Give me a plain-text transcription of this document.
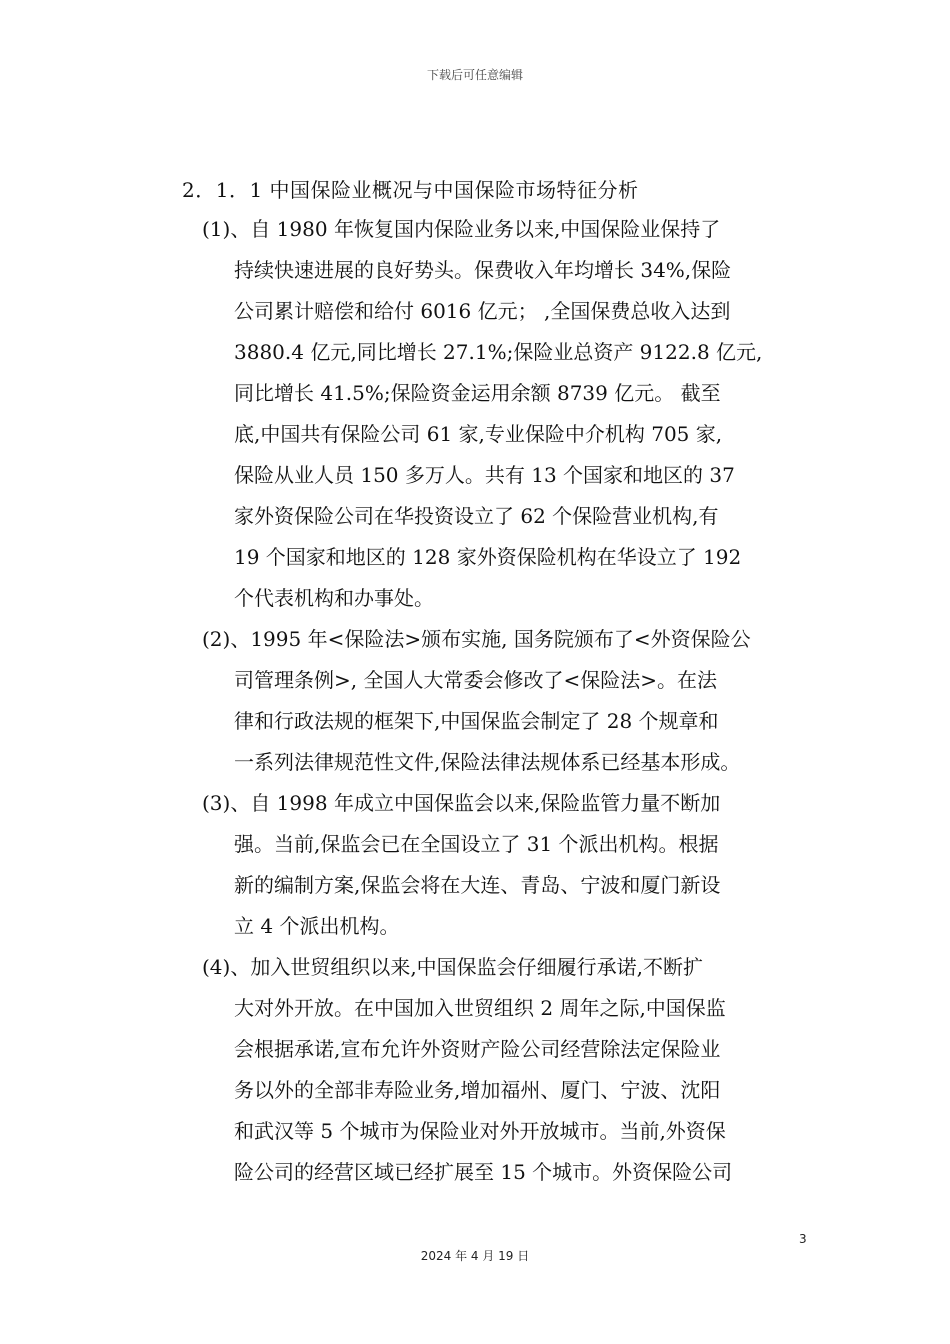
下载后可任意编辑
2．1．1 中国保险业概况与中国保险市场特征分析
(1)、自 1980 年恢复国内保险业务以来,中国保险业保持了
持续快速进展的良好势头。保费收入年均增长 34%,保险
公司累计赔偿和给付 6016 亿元； ,全国保费总收入达到
3880.4 亿元,同比增长 27.1%;保险业总资产 9122.8 亿元,
同比增长 41.5%;保险资金运用余额 8739 亿元。 截至
底,中国共有保险公司 61 家,专业保险中介机构 705 家,
保险从业人员 150 多万人。共有 13 个国家和地区的 37
家外资保险公司在华投资设立了 62 个保险营业机构,有
19 个国家和地区的 128 家外资保险机构在华设立了 192
个代表机构和办事处。
(2)、1995 年<保险法>颁布实施, 国务院颁布了<外资保险公
司管理条例>, 全国人大常委会修改了<保险法>。在法
律和行政法规的框架下,中国保监会制定了 28 个规章和
一系列法律规范性文件,保险法律法规体系已经基本形成。
(3)、自 1998 年成立中国保监会以来,保险监管力量不断加
强。当前,保监会已在全国设立了 31 个派出机构。根据
新的编制方案,保监会将在大连、青岛、宁波和厦门新设
立 4 个派出机构。
(4)、加入世贸组织以来,中国保监会仔细履行承诺,不断扩
大对外开放。在中国加入世贸组织 2 周年之际,中国保监
会根据承诺,宣布允许外资财产险公司经营除法定保险业
务以外的全部非寿险业务,增加福州、厦门、宁波、沈阳
和武汉等 5 个城市为保险业对外开放城市。当前,外资保
险公司的经营区域已经扩展至 15 个城市。外资保险公司
3
2024 年 4 月 19 日
